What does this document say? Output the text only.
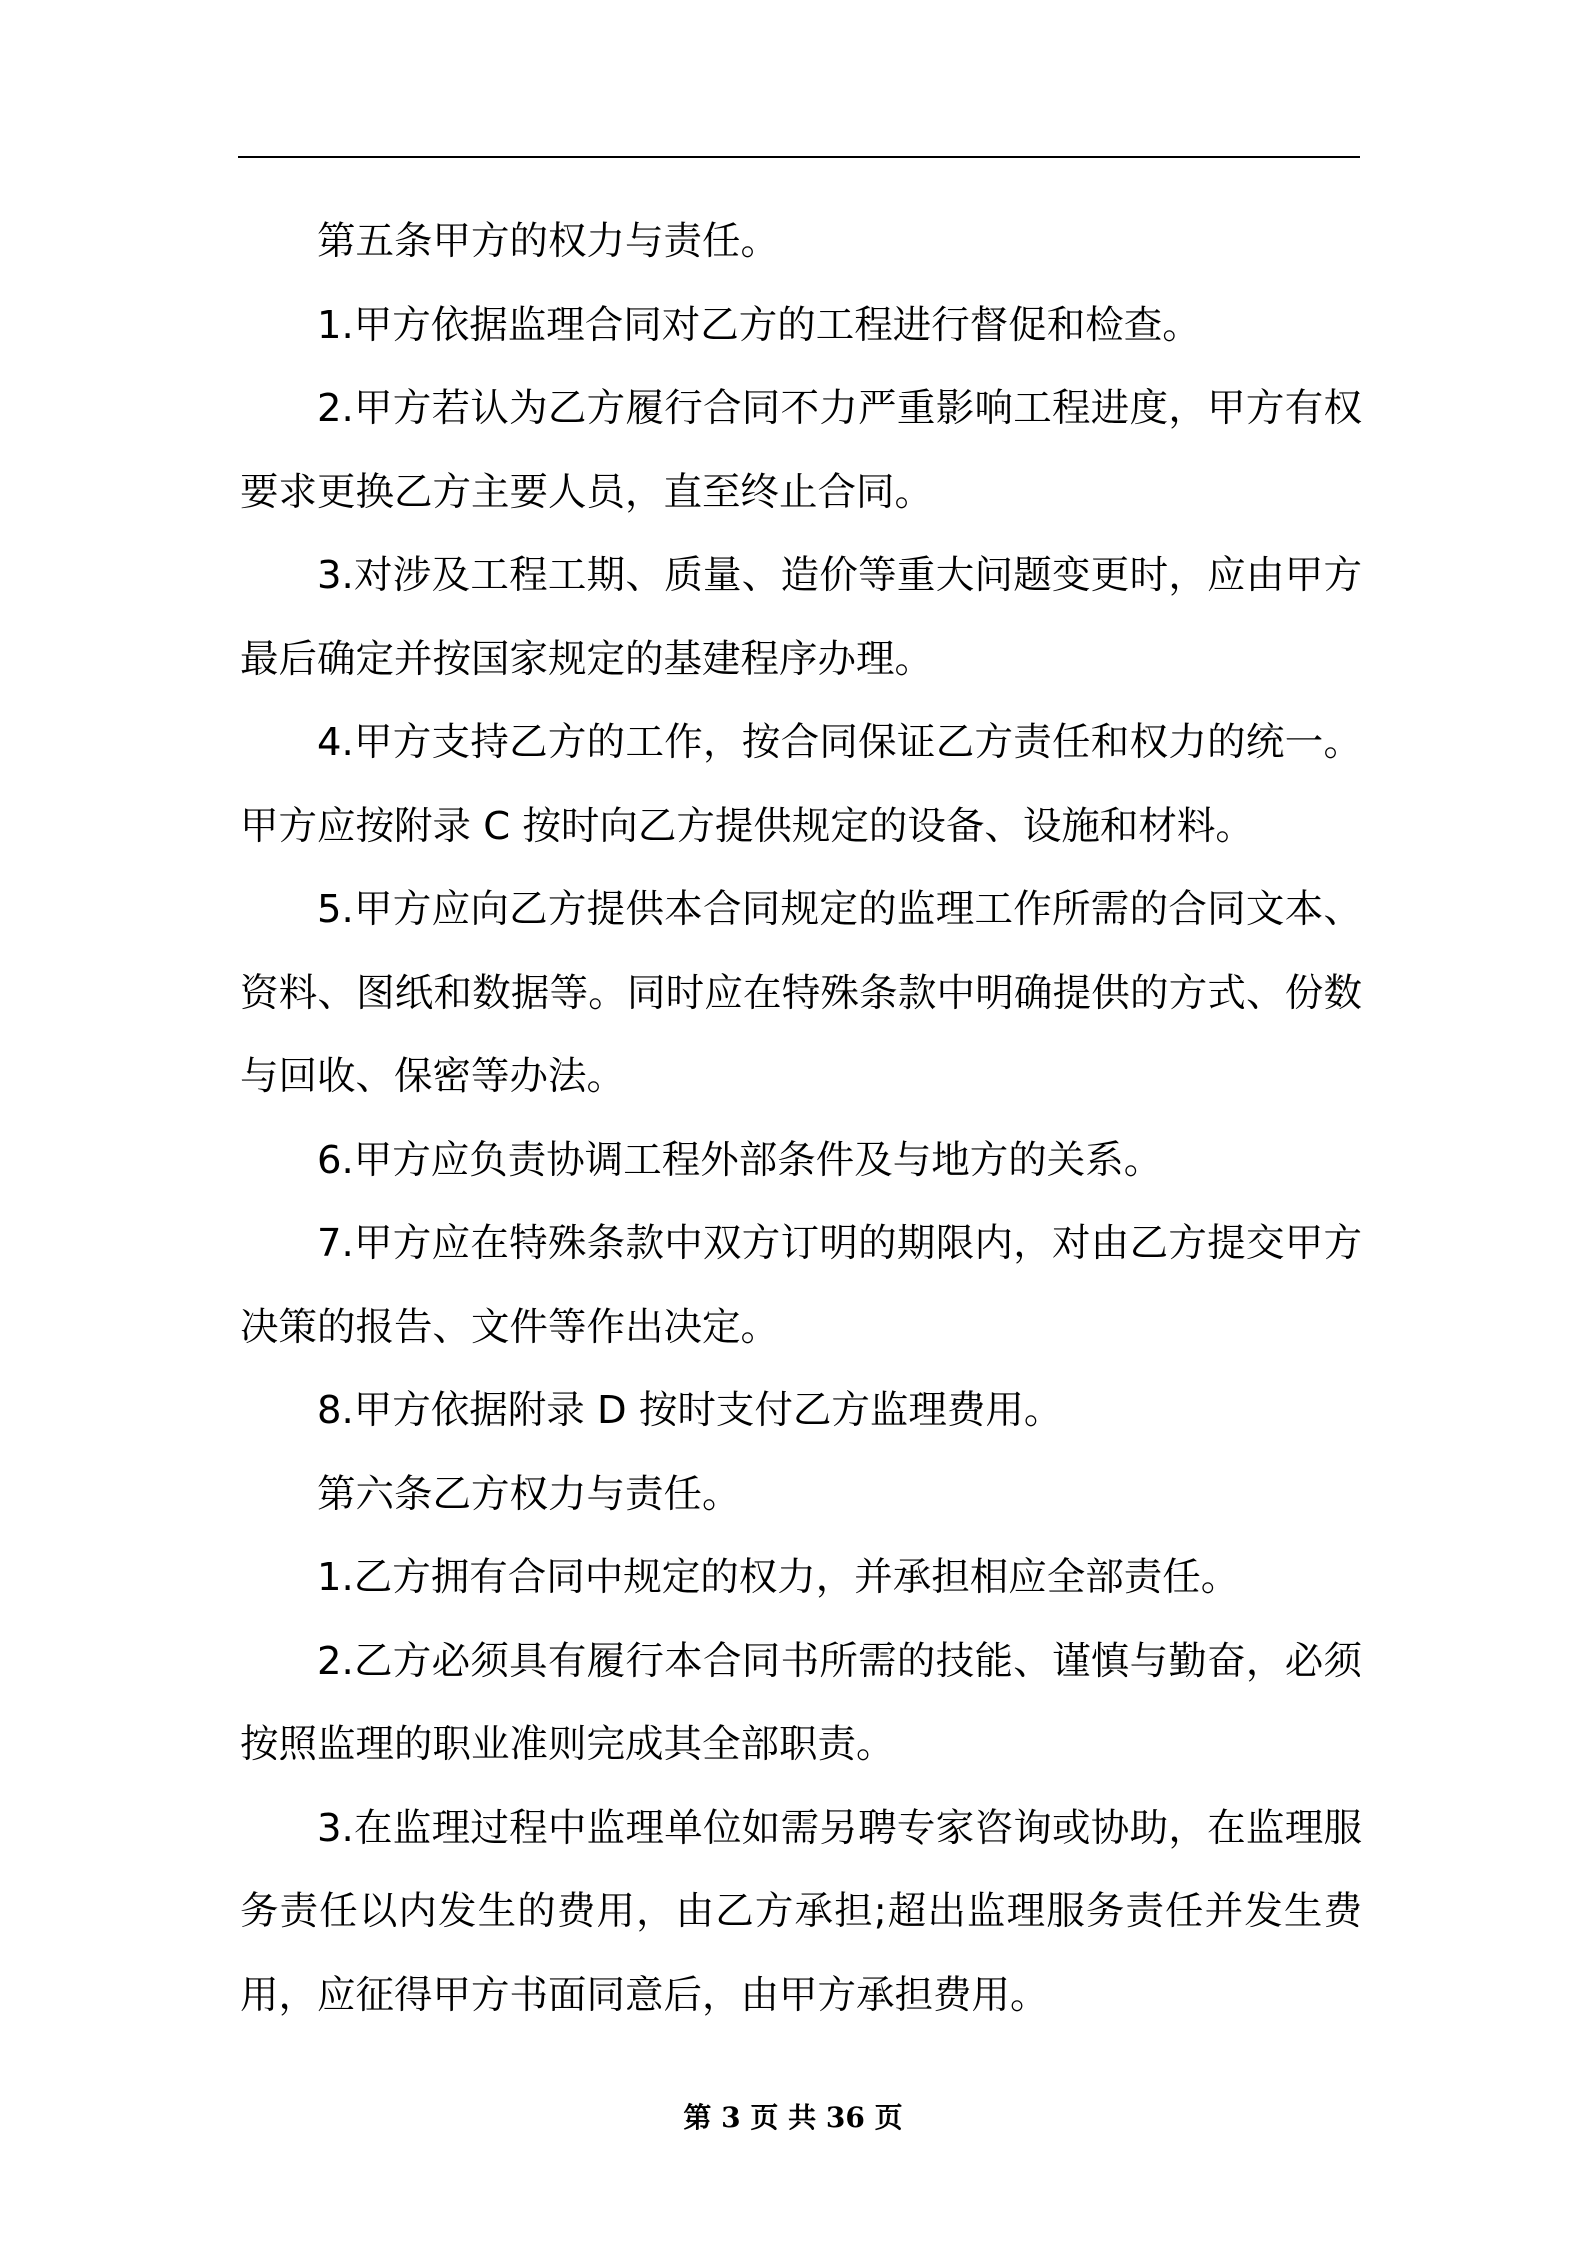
第五条甲方的权力与责任。

1.甲方依据监理合同对乙方的工程进行督促和检查。

2.甲方若认为乙方履行合同不力严重影响工程进度，甲方有权要求更换乙方主要人员，直至终止合同。

3.对涉及工程工期、质量、造价等重大问题变更时，应由甲方最后确定并按国家规定的基建程序办理。

4.甲方支持乙方的工作，按合同保证乙方责任和权力的统一。甲方应按附录 C 按时向乙方提供规定的设备、设施和材料。

5.甲方应向乙方提供本合同规定的监理工作所需的合同文本、资料、图纸和数据等。同时应在特殊条款中明确提供的方式、份数与回收、保密等办法。

6.甲方应负责协调工程外部条件及与地方的关系。

7.甲方应在特殊条款中双方订明的期限内，对由乙方提交甲方决策的报告、文件等作出决定。

8.甲方依据附录 D 按时支付乙方监理费用。

第六条乙方权力与责任。

1.乙方拥有合同中规定的权力，并承担相应全部责任。

2.乙方必须具有履行本合同书所需的技能、谨慎与勤奋，必须按照监理的职业准则完成其全部职责。

3.在监理过程中监理单位如需另聘专家咨询或协助，在监理服务责任以内发生的费用，由乙方承担;超出监理服务责任并发生费用，应征得甲方书面同意后，由甲方承担费用。

第 3 页 共 36 页
